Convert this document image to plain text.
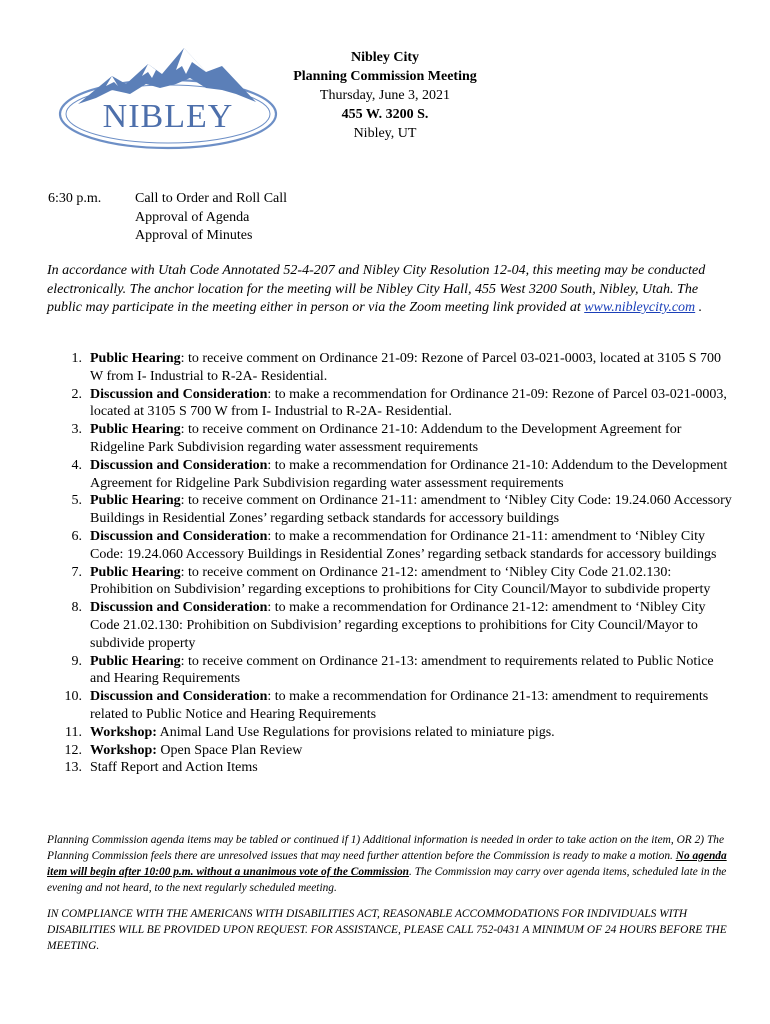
NIBLEY
Nibley City
Planning Commission Meeting
Thursday, June 3, 2021
455 W. 3200 S.
Nibley, UT
6:30 p.m.	Call to Order and Roll Call
Approval of Agenda
Approval of Minutes
In accordance with Utah Code Annotated 52-4-207 and Nibley City Resolution 12-04, this meeting may be conducted electronically. The anchor location for the meeting will be Nibley City Hall, 455 West 3200 South, Nibley, Utah. The public may participate in the meeting either in person or via the Zoom meeting link provided at www.nibleycity.com .
1. Public Hearing: to receive comment on Ordinance 21-09: Rezone of Parcel 03-021-0003, located at 3105 S 700 W from I- Industrial to R-2A- Residential.
2. Discussion and Consideration: to make a recommendation for Ordinance 21-09: Rezone of Parcel 03-021-0003, located at 3105 S 700 W from I- Industrial to R-2A- Residential.
3. Public Hearing: to receive comment on Ordinance 21-10: Addendum to the Development Agreement for Ridgeline Park Subdivision regarding water assessment requirements
4. Discussion and Consideration: to make a recommendation for Ordinance 21-10: Addendum to the Development Agreement for Ridgeline Park Subdivision regarding water assessment requirements
5. Public Hearing: to receive comment on Ordinance 21-11: amendment to ‘Nibley City Code: 19.24.060 Accessory Buildings in Residential Zones’ regarding setback standards for accessory buildings
6. Discussion and Consideration: to make a recommendation for Ordinance 21-11: amendment to ‘Nibley City Code: 19.24.060 Accessory Buildings in Residential Zones’ regarding setback standards for accessory buildings
7. Public Hearing: to receive comment on Ordinance 21-12: amendment to ‘Nibley City Code 21.02.130: Prohibition on Subdivision’ regarding exceptions to prohibitions for City Council/Mayor to subdivide property
8. Discussion and Consideration: to make a recommendation for Ordinance 21-12: amendment to ‘Nibley City Code 21.02.130: Prohibition on Subdivision’ regarding exceptions to prohibitions for City Council/Mayor to subdivide property
9. Public Hearing: to receive comment on Ordinance 21-13: amendment to requirements related to Public Notice and Hearing Requirements
10. Discussion and Consideration: to make a recommendation for Ordinance 21-13: amendment to requirements related to Public Notice and Hearing Requirements
11. Workshop: Animal Land Use Regulations for provisions related to miniature pigs.
12. Workshop: Open Space Plan Review
13. Staff Report and Action Items
Planning Commission agenda items may be tabled or continued if 1) Additional information is needed in order to take action on the item, OR 2) The Planning Commission feels there are unresolved issues that may need further attention before the Commission is ready to make a motion. No agenda item will begin after 10:00 p.m. without a unanimous vote of the Commission. The Commission may carry over agenda items, scheduled late in the evening and not heard, to the next regularly scheduled meeting.
IN COMPLIANCE WITH THE AMERICANS WITH DISABILITIES ACT, REASONABLE ACCOMMODATIONS FOR INDIVIDUALS WITH DISABILITIES WILL BE PROVIDED UPON REQUEST. FOR ASSISTANCE, PLEASE CALL 752-0431 A MINIMUM OF 24 HOURS BEFORE THE MEETING.
